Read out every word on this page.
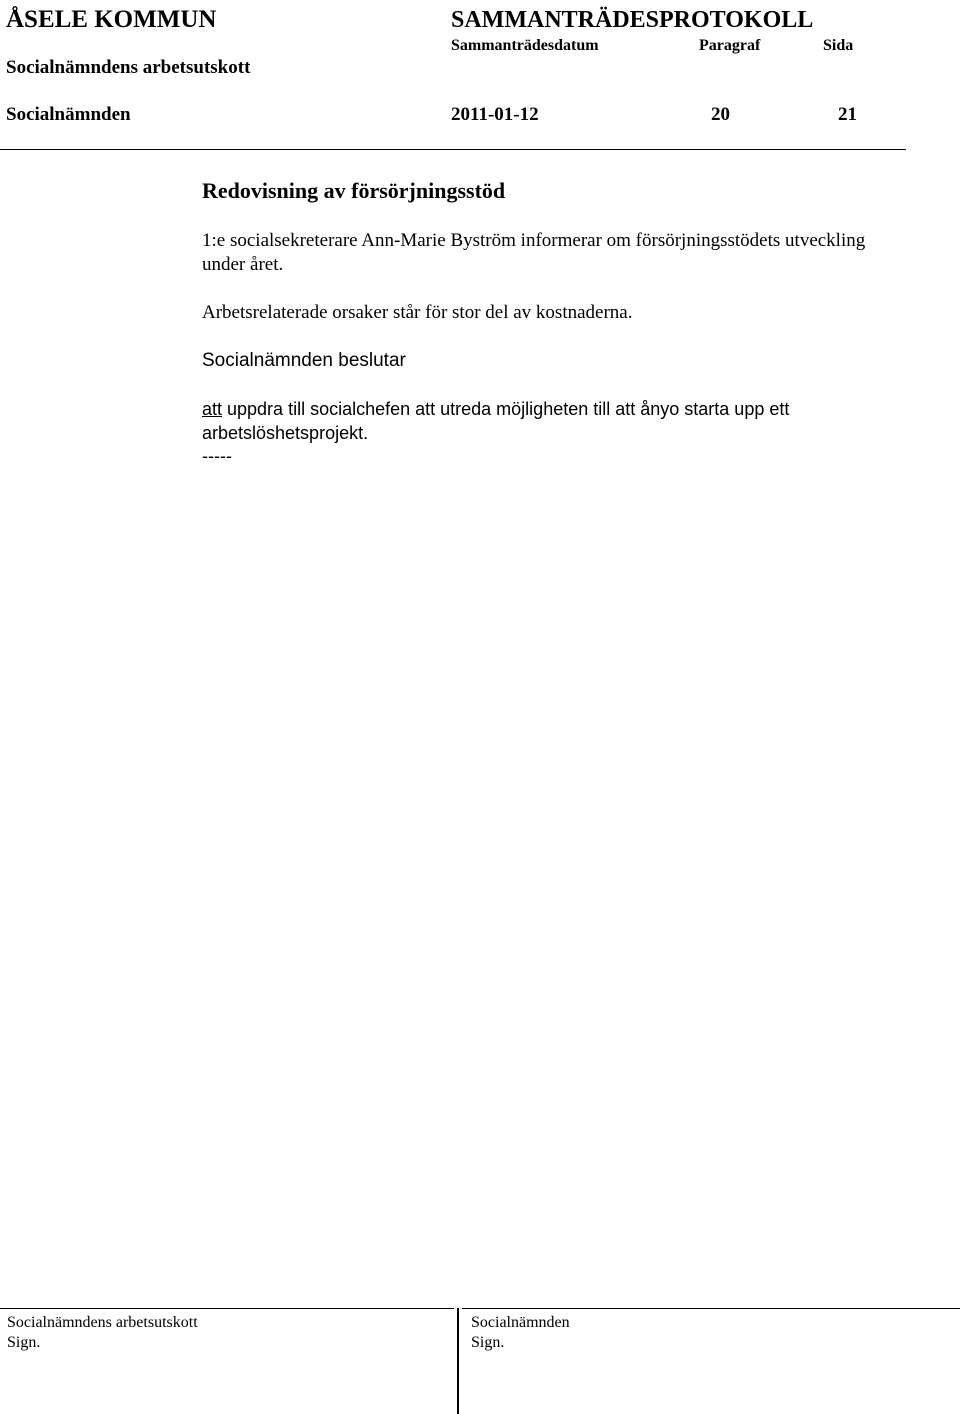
ÅSELE KOMMUN	SAMMANTRÄDESPROTOKOLL
Sammanträdesdatum	Paragraf	Sida
Socialnämndens arbetsutskott
Socialnämnden	2011-01-12	20	21
Redovisning av försörjningsstöd

1:e socialsekreterare Ann-Marie Byström informerar om försörjningsstödets utveckling under året.

Arbetsrelaterade orsaker står för stor del av kostnaderna.

Socialnämnden beslutar

att uppdra till socialchefen att utreda möjligheten till att ånyo starta upp ett arbetslöshetsprojekt.

-----

Socialnämndens arbetsutskott
Sign.
Socialnämnden
Sign.
